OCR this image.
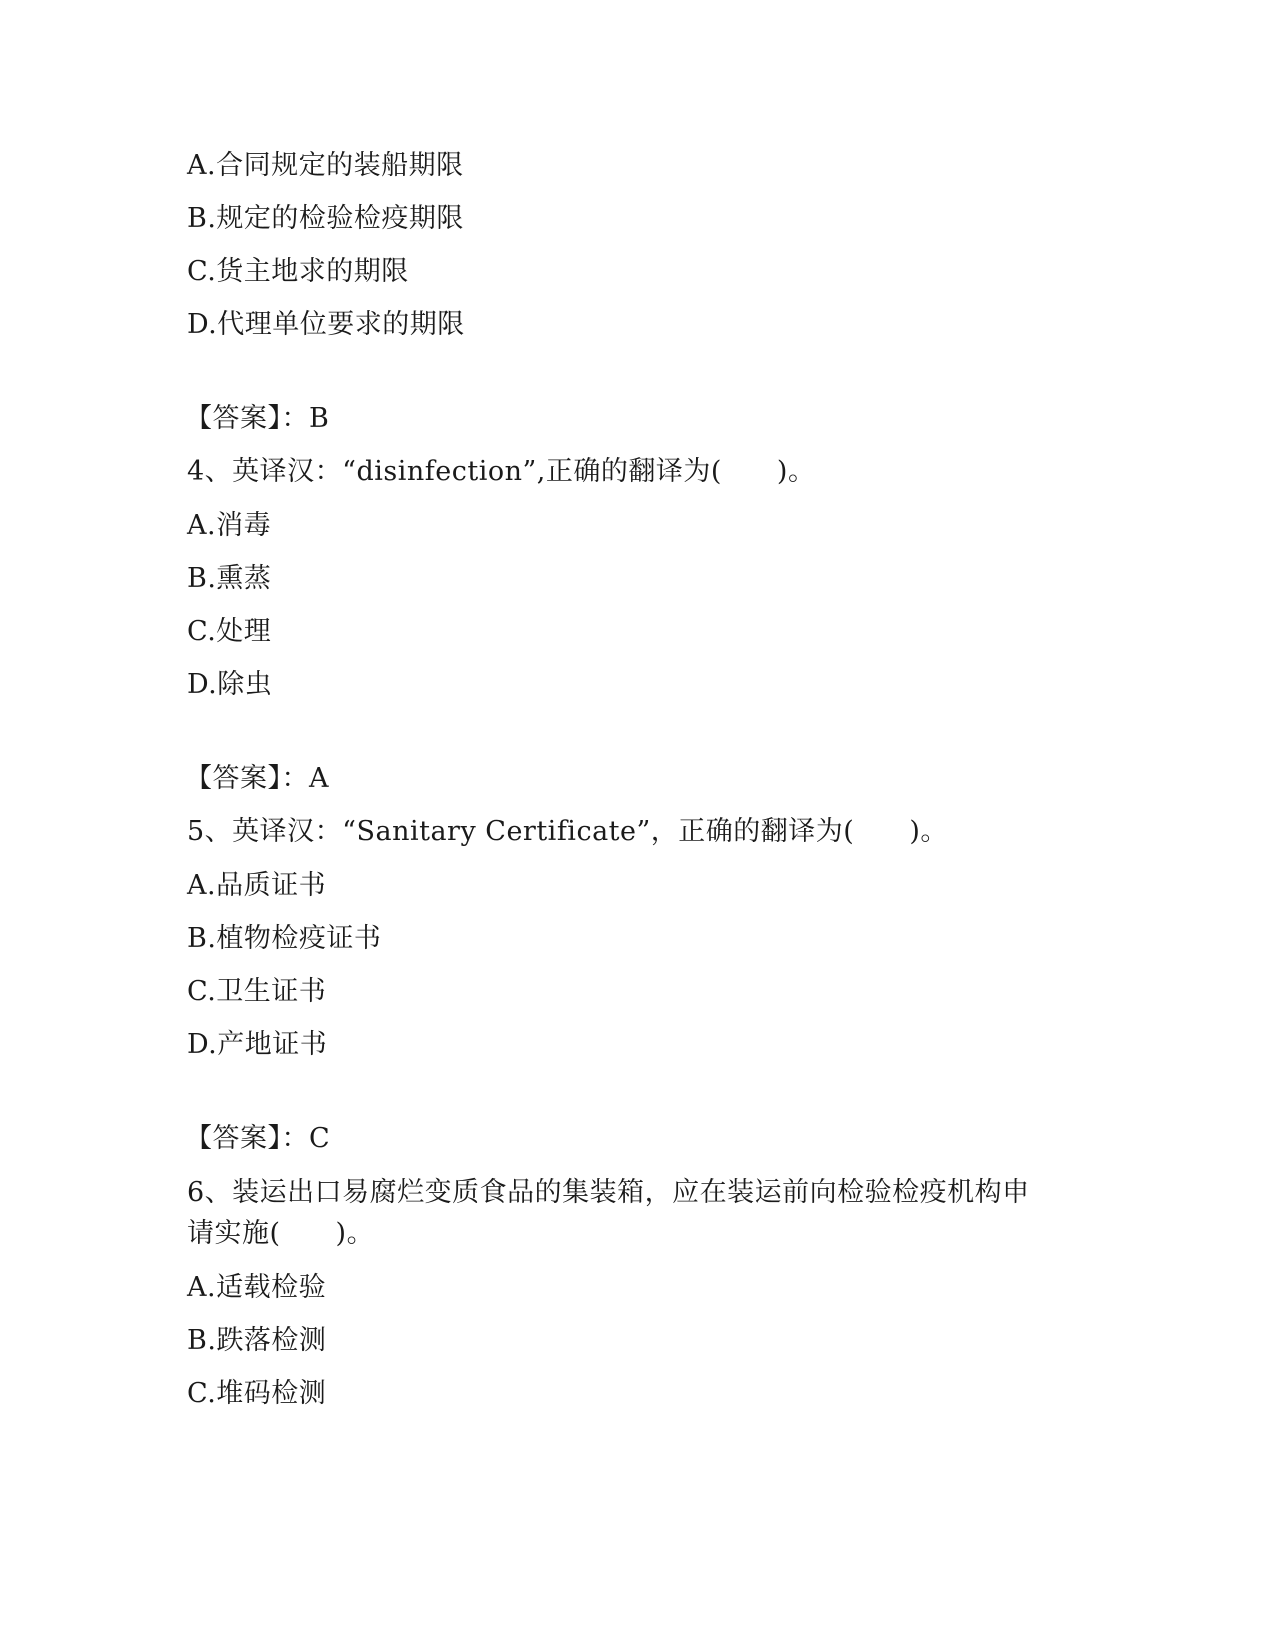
A.合同规定的装船期限
B.规定的检验检疫期限
C.货主地求的期限
D.代理单位要求的期限
【答案】：B
4、英译汉：“disinfection”,正确的翻译为(　　)。
A.消毒
B.熏蒸
C.处理
D.除虫
【答案】：A
5、英译汉：“Sanitary Certificate”，正确的翻译为(　　)。
A.品质证书
B.植物检疫证书
C.卫生证书
D.产地证书
【答案】：C
6、装运出口易腐烂变质食品的集装箱，应在装运前向检验检疫机构申
请实施(　　)。
A.适载检验
B.跌落检测
C.堆码检测
